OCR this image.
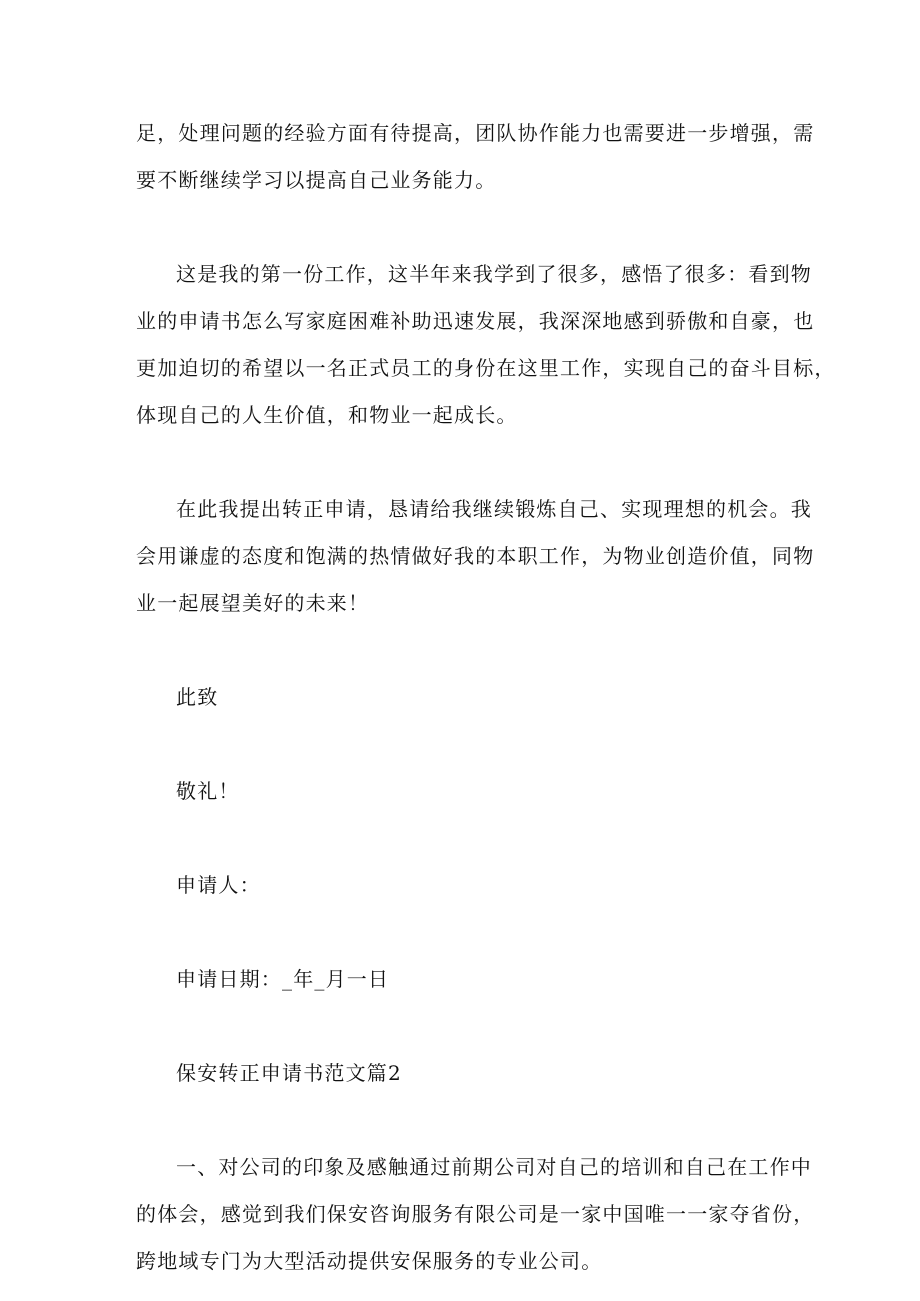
足，处理问题的经验方面有待提高，团队协作能力也需要进一步增强，需
要不断继续学习以提高自己业务能力。
这是我的第一份工作，这半年来我学到了很多，感悟了很多：看到物
业的申请书怎么写家庭困难补助迅速发展，我深深地感到骄傲和自豪，也
更加迫切的希望以一名正式员工的身份在这里工作，实现自己的奋斗目标，
体现自己的人生价值，和物业一起成长。
在此我提出转正申请，恳请给我继续锻炼自己、实现理想的机会。我
会用谦虚的态度和饱满的热情做好我的本职工作，为物业创造价值，同物
业一起展望美好的未来！
此致
敬礼！
申请人：
申请日期：_年_月一日
保安转正申请书范文篇2
一、对公司的印象及感触通过前期公司对自己的培训和自己在工作中
的体会，感觉到我们保安咨询服务有限公司是一家中国唯一一家夺省份，
跨地域专门为大型活动提供安保服务的专业公司。
